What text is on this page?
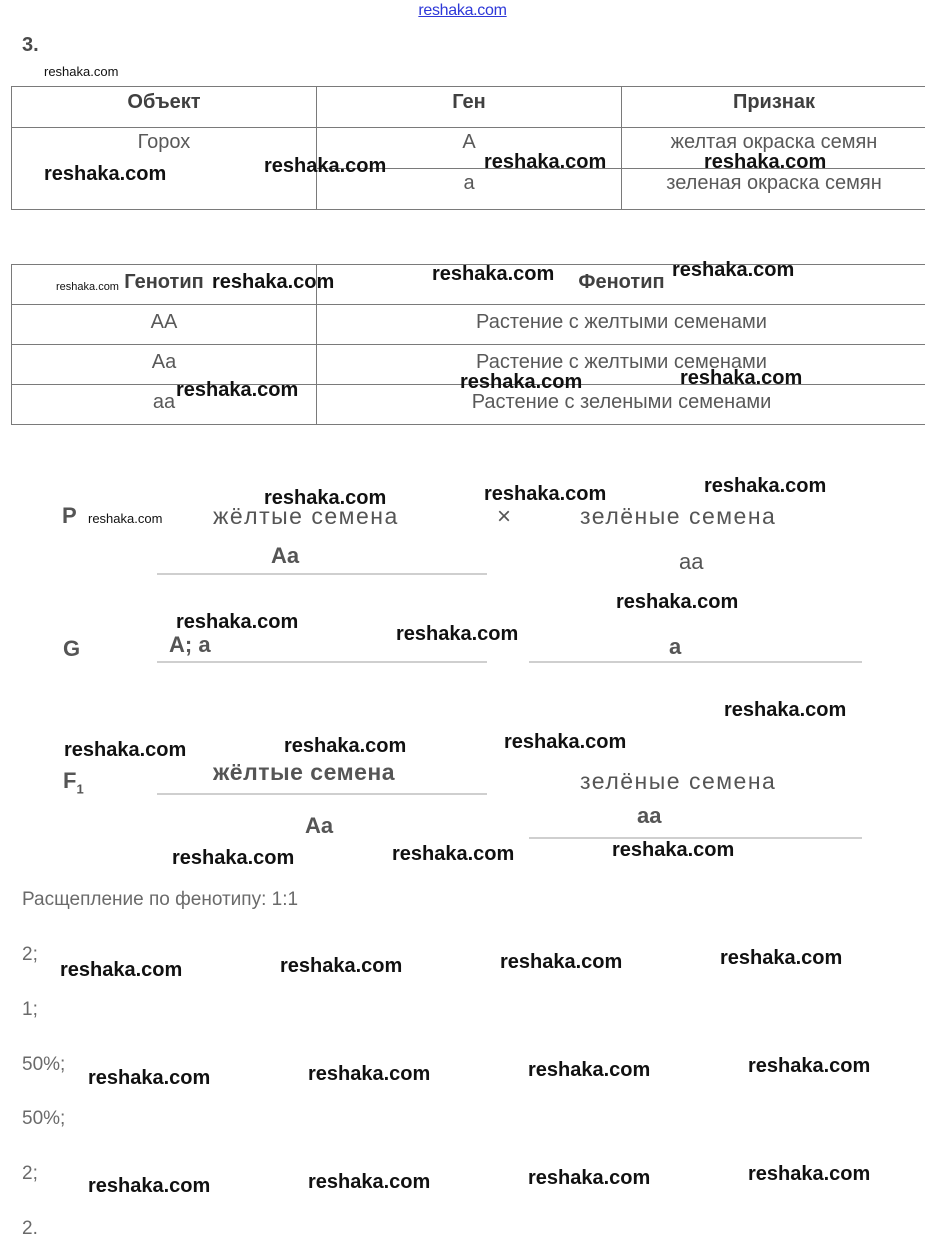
reshaka.com
3.
Объект	Ген	Признак
Горох	A	желтая окраска семян
	a	зеленая окраска семян
Генотип	Фенотип
AA	Растение с желтыми семенами
Aa	Растение с желтыми семенами
aa	Растение с зелеными семенами
P	жёлтые семена	×	зелёные семена
Aa	aa
G	A; a	a
$F_1$
жёлтые семена
Aa
зелёные семена
aa
Расщепление по фенотипу: 1:1
2;
1;
50%;
50%;
2;
2.
reshaka.com
reshaka.com	reshaka.com	reshaka.com	reshaka.com
reshaka.com	reshaka.com	reshaka.com	reshaka.com
reshaka.com	reshaka.com	reshaka.com
reshaka.com
reshaka.com	reshaka.com	reshaka.com
reshaka.com
reshaka.com
reshaka.com
reshaka.com
reshaka.com	reshaka.com	reshaka.com
reshaka.com	reshaka.com	reshaka.com
reshaka.com	reshaka.com	reshaka.com	reshaka.com
reshaka.com	reshaka.com	reshaka.com	reshaka.com
reshaka.com	reshaka.com	reshaka.com	reshaka.com
